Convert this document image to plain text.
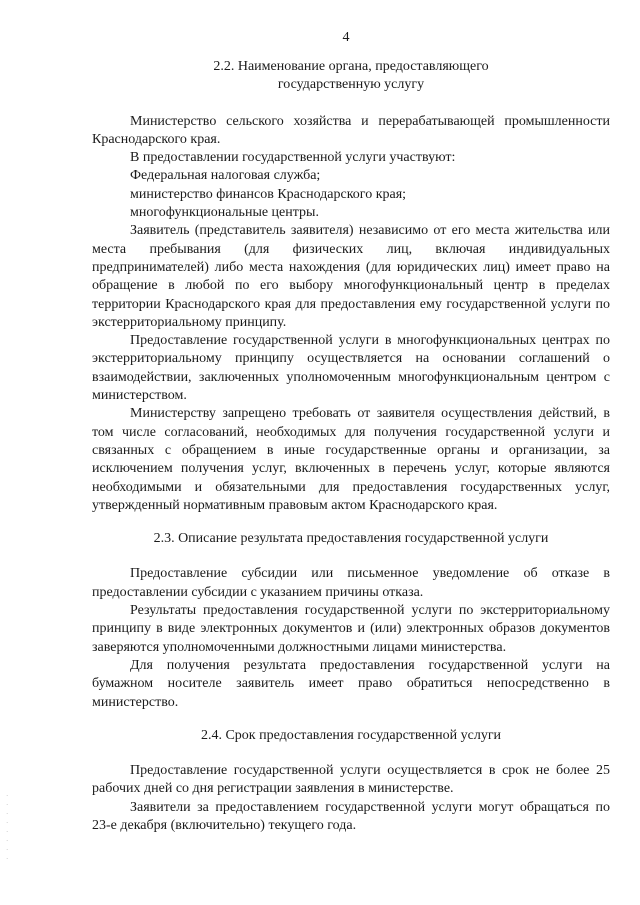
4
2.2. Наименование органа, предоставляющего
государственную услугу

Министерство сельского хозяйства и перерабатывающей промышленности Краснодарского края.

В предоставлении государственной услуги участвуют:

Федеральная налоговая служба;

министерство финансов Краснодарского края;

многофункциональные центры.

Заявитель (представитель заявителя) независимо от его места жительства или места пребывания (для физических лиц, включая индивидуальных предпринимателей) либо места нахождения (для юридических лиц) имеет право на обращение в любой по его выбору многофункциональный центр в пределах территории Краснодарского края для предоставления ему государственной услуги по экстерриториальному принципу.

Предоставление государственной услуги в многофункциональных центрах по экстерриториальному принципу осуществляется на основании соглашений о взаимодействии, заключенных уполномоченным многофункциональным центром с министерством.

Министерству запрещено требовать от заявителя осуществления действий, в том числе согласований, необходимых для получения государственной услуги и связанных с обращением в иные государственные органы и организации, за исключением получения услуг, включенных в перечень услуг, которые являются необходимыми и обязательными для предоставления государственных услуг, утвержденный нормативным правовым актом Краснодарского края.

2.3. Описание результата предоставления государственной услуги

Предоставление субсидии или письменное уведомление об отказе в предоставлении субсидии с указанием причины отказа.

Результаты предоставления государственной услуги по экстерриториальному принципу в виде электронных документов и (или) электронных образов документов заверяются уполномоченными должностными лицами министерства.

Для получения результата предоставления государственной услуги на бумажном носителе заявитель имеет право обратиться непосредственно в министерство.

2.4. Срок предоставления государственной услуги

Предоставление государственной услуги осуществляется в срок не более 25 рабочих дней со дня регистрации заявления в министерстве.

Заявители за предоставлением государственной услуги могут обращаться по 23-е декабря (включительно) текущего года.

·
·
·
·
·
·
·
·
